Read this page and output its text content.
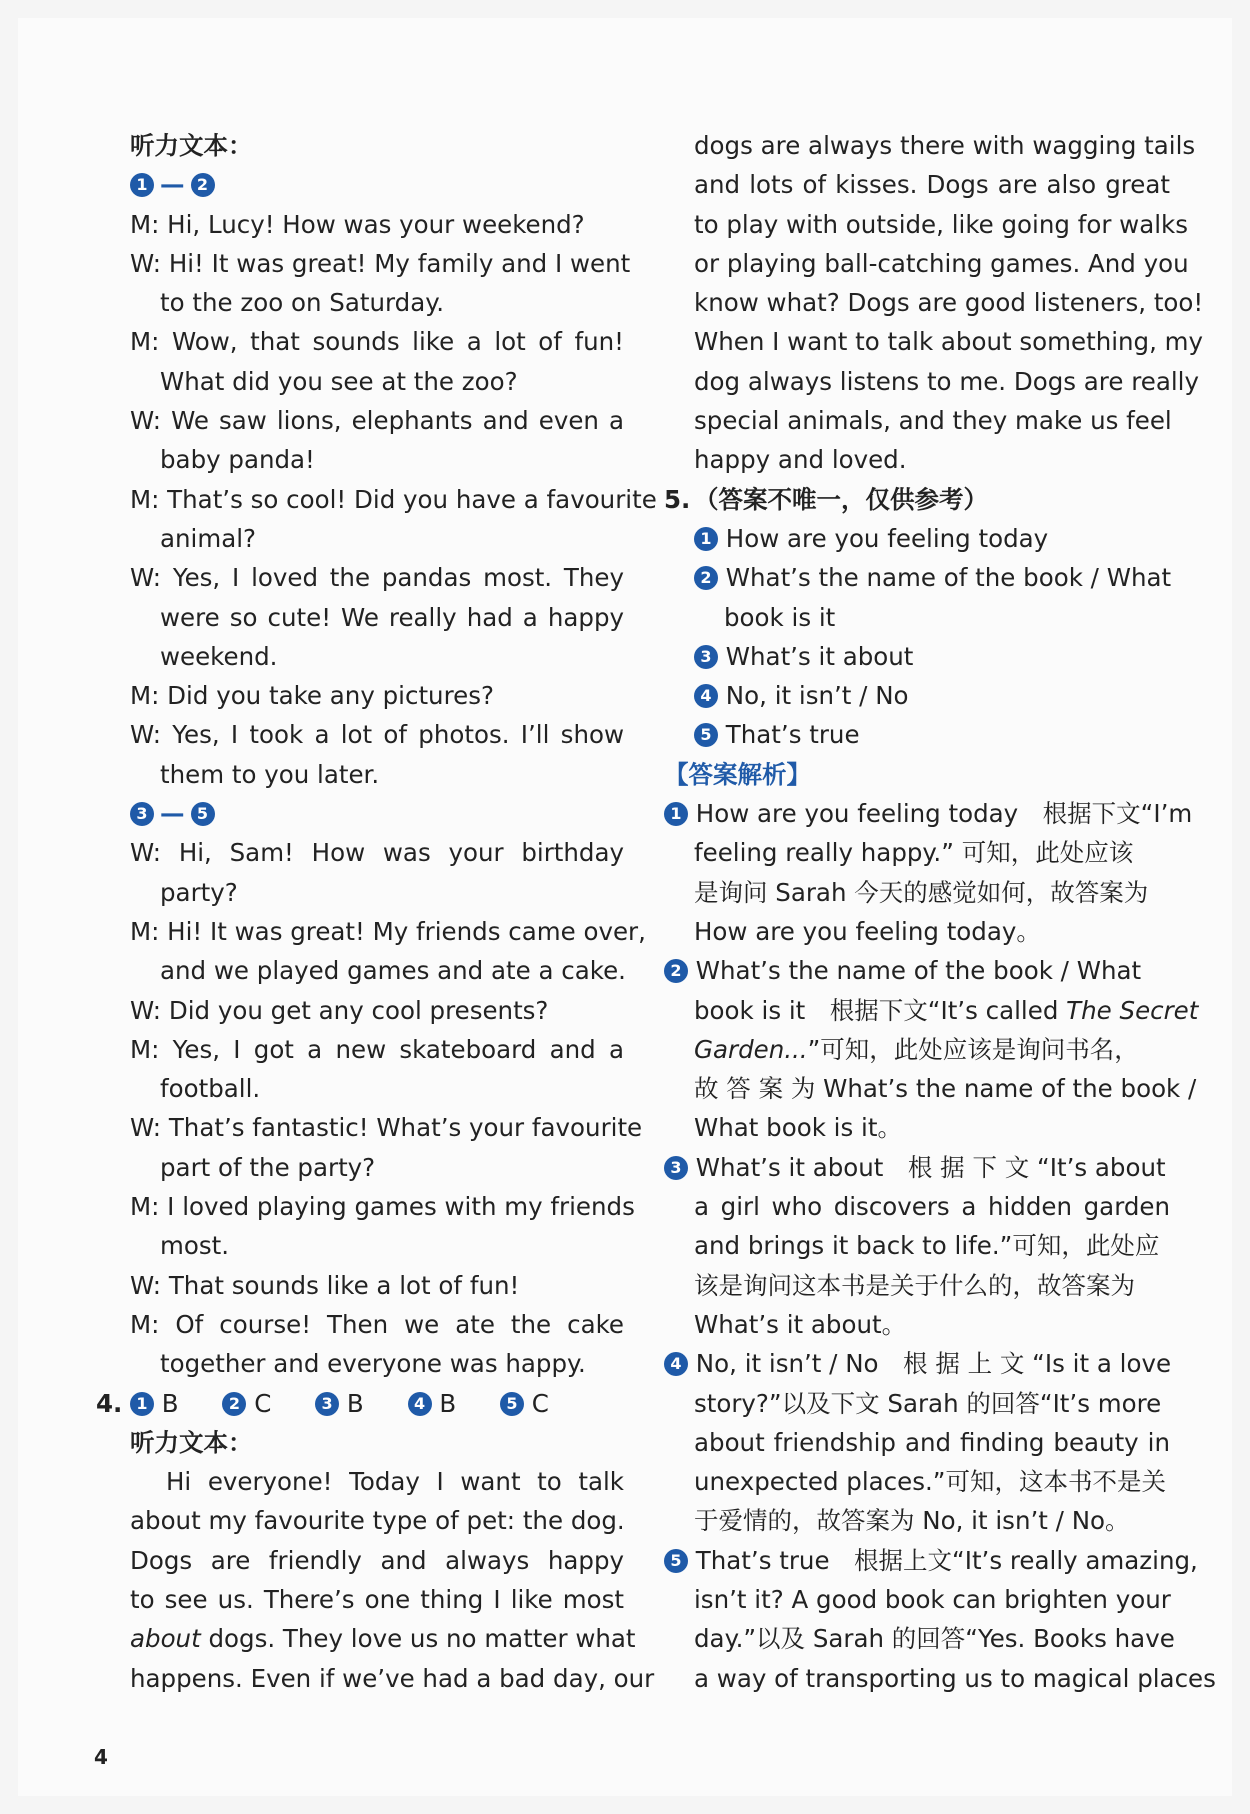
听力文本：
1 — 2
M: Hi, Lucy! How was your weekend?
W: Hi! It was great! My family and I went
to the zoo on Saturday.
M: Wow, that sounds like a lot of fun!
What did you see at the zoo?
W: We saw lions, elephants and even a
baby panda!
M: That’s so cool! Did you have a favourite
animal?
W: Yes, I loved the pandas most. They
were so cute! We really had a happy
weekend.
M: Did you take any pictures?
W: Yes, I took a lot of photos. I’ll show
them to you later.
3 — 5
W: Hi, Sam! How was your birthday
party?
M: Hi! It was great! My friends came over,
and we played games and ate a cake.
W: Did you get any cool presents?
M: Yes, I got a new skateboard and a
football.
W: That’s fantastic! What’s your favourite
part of the party?
M: I loved playing games with my friends
most.
W: That sounds like a lot of fun!
M: Of course! Then we ate the cake
together and everyone was happy.
4. 1 B	2 C	3 B	4 B	5 C
听力文本：
Hi everyone! Today I want to talk
about my favourite type of pet: the dog.
Dogs are friendly and always happy
to see us. There’s one thing I like most
about dogs. They love us no matter what
happens. Even if we’ve had a bad day, our
dogs are always there with wagging tails
and lots of kisses. Dogs are also great
to play with outside, like going for walks
or playing ball-catching games. And you
know what? Dogs are good listeners, too!
When I want to talk about something, my
dog always listens to me. Dogs are really
special animals, and they make us feel
happy and loved.
5. （答案不唯一，仅供参考）
1 How are you feeling today
2 What’s the name of the book / What
book is it
3 What’s it about
4 No, it isn’t / No
5 That’s true
【答案解析】
1 How are you feeling today　根据下文“I’m
feeling really happy.” 可知，此处应该
是询问 Sarah 今天的感觉如何，故答案为
How are you feeling today。
2 What’s the name of the book / What
book is it　根据下文“It’s called The Secret
Garden...”可知，此处应该是询问书名，
故 答 案 为 What’s the name of the book /
What book is it。
3 What’s it about　根 据 下 文 “It’s about
a girl who discovers a hidden garden
and brings it back to life.”可知，此处应
该是询问这本书是关于什么的，故答案为
What’s it about。
4 No, it isn’t / No　根 据 上 文 “Is it a love
story?”以及下文 Sarah 的回答“It’s more
about friendship and finding beauty in
unexpected places.”可知，这本书不是关
于爱情的，故答案为 No, it isn’t / No。
5 That’s true　根据上文“It’s really amazing,
isn’t it? A good book can brighten your
day.”以及 Sarah 的回答“Yes. Books have
a way of transporting us to magical places
4
